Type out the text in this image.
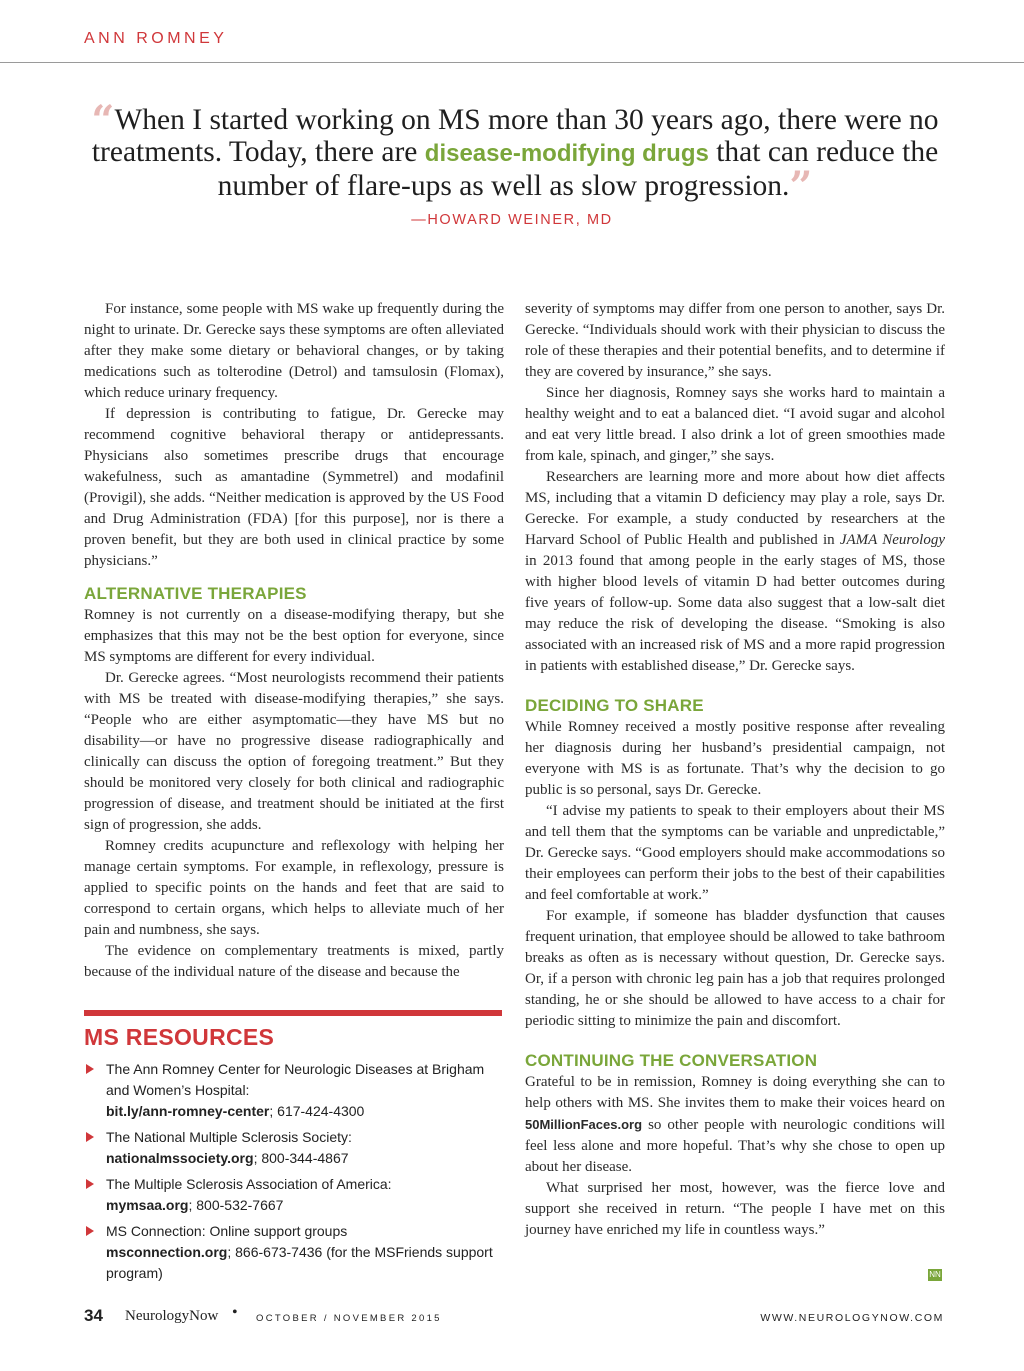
ANN ROMNEY
“When I started working on MS more than 30 years ago, there were no treatments. Today, there are disease-modifying drugs that can reduce the number of flare-ups as well as slow progression.”
—HOWARD WEINER, MD

For instance, some people with MS wake up frequently during the night to urinate. Dr. Gerecke says these symptoms are often alleviated after they make some dietary or behavioral changes, or by taking medications such as tolterodine (Detrol) and tamsulosin (Flomax), which reduce urinary frequency.

If depression is contributing to fatigue, Dr. Gerecke may recommend cognitive behavioral therapy or antidepressants. Physicians also sometimes prescribe drugs that encourage wakefulness, such as amantadine (Symmetrel) and modafinil (Provigil), she adds. “Neither medication is approved by the US Food and Drug Administration (FDA) [for this purpose], nor is there a proven benefit, but they are both used in clinical practice by some physicians.”

ALTERNATIVE THERAPIES

Romney is not currently on a disease-modifying therapy, but she emphasizes that this may not be the best option for everyone, since MS symptoms are different for every individual.

Dr. Gerecke agrees. “Most neurologists recommend their patients with MS be treated with disease-modifying therapies,” she says. “People who are either asymptomatic—they have MS but no disability—or have no progressive disease radiographically and clinically can discuss the option of foregoing treatment.” But they should be monitored very closely for both clinical and radiographic progression of disease, and treatment should be initiated at the first sign of progression, she adds.

Romney credits acupuncture and reflexology with helping her manage certain symptoms. For example, in reflexology, pressure is applied to specific points on the hands and feet that are said to correspond to certain organs, which helps to alleviate much of her pain and numbness, she says.

The evidence on complementary treatments is mixed, partly because of the individual nature of the disease and because the

severity of symptoms may differ from one person to another, says Dr. Gerecke. “Individuals should work with their physician to discuss the role of these therapies and their potential benefits, and to determine if they are covered by insurance,” she says.

Since her diagnosis, Romney says she works hard to maintain a healthy weight and to eat a balanced diet. “I avoid sugar and alcohol and eat very little bread. I also drink a lot of green smoothies made from kale, spinach, and ginger,” she says.

Researchers are learning more and more about how diet affects MS, including that a vitamin D deficiency may play a role, says Dr. Gerecke. For example, a study conducted by researchers at the Harvard School of Public Health and published in JAMA Neurology in 2013 found that among people in the early stages of MS, those with higher blood levels of vitamin D had better outcomes during five years of follow-up. Some data also suggest that a low-salt diet may reduce the risk of developing the disease. “Smoking is also associated with an increased risk of MS and a more rapid progression in patients with established disease,” Dr. Gerecke says.

DECIDING TO SHARE

While Romney received a mostly positive response after revealing her diagnosis during her husband’s presidential campaign, not everyone with MS is as fortunate. That’s why the decision to go public is so personal, says Dr. Gerecke.

“I advise my patients to speak to their employers about their MS and tell them that the symptoms can be variable and unpredictable,” Dr. Gerecke says. “Good employers should make accommodations so their employees can perform their jobs to the best of their capabilities and feel comfortable at work.”

For example, if someone has bladder dysfunction that causes frequent urination, that employee should be allowed to take bathroom breaks as often as is necessary without question, Dr. Gerecke says. Or, if a person with chronic leg pain has a job that requires prolonged standing, he or she should be allowed to have access to a chair for periodic sitting to minimize the pain and discomfort.

CONTINUING THE CONVERSATION

Grateful to be in remission, Romney is doing everything she can to help others with MS. She invites them to make their voices heard on 50MillionFaces.org so other people with neurologic conditions will feel less alone and more hopeful. That’s why she chose to open up about her disease.

What surprised her most, however, was the fierce love and support she received in return. “The people I have met on this journey have enriched my life in countless ways.”

NN
MS RESOURCES
The Ann Romney Center for Neurologic Diseases at Brigham and Women’s Hospital:
bit.ly/ann-romney-center; 617-424-4300
The National Multiple Sclerosis Society:
nationalmssociety.org; 800-344-4867
The Multiple Sclerosis Association of America:
mymsaa.org; 800-532-7667
MS Connection: Online support groups
msconnection.org; 866-673-7436 (for the MSFriends support program)
34 NeurologyNow • OCTOBER / NOVEMBER 2015	WWW.NEUROLOGYNOW.COM
